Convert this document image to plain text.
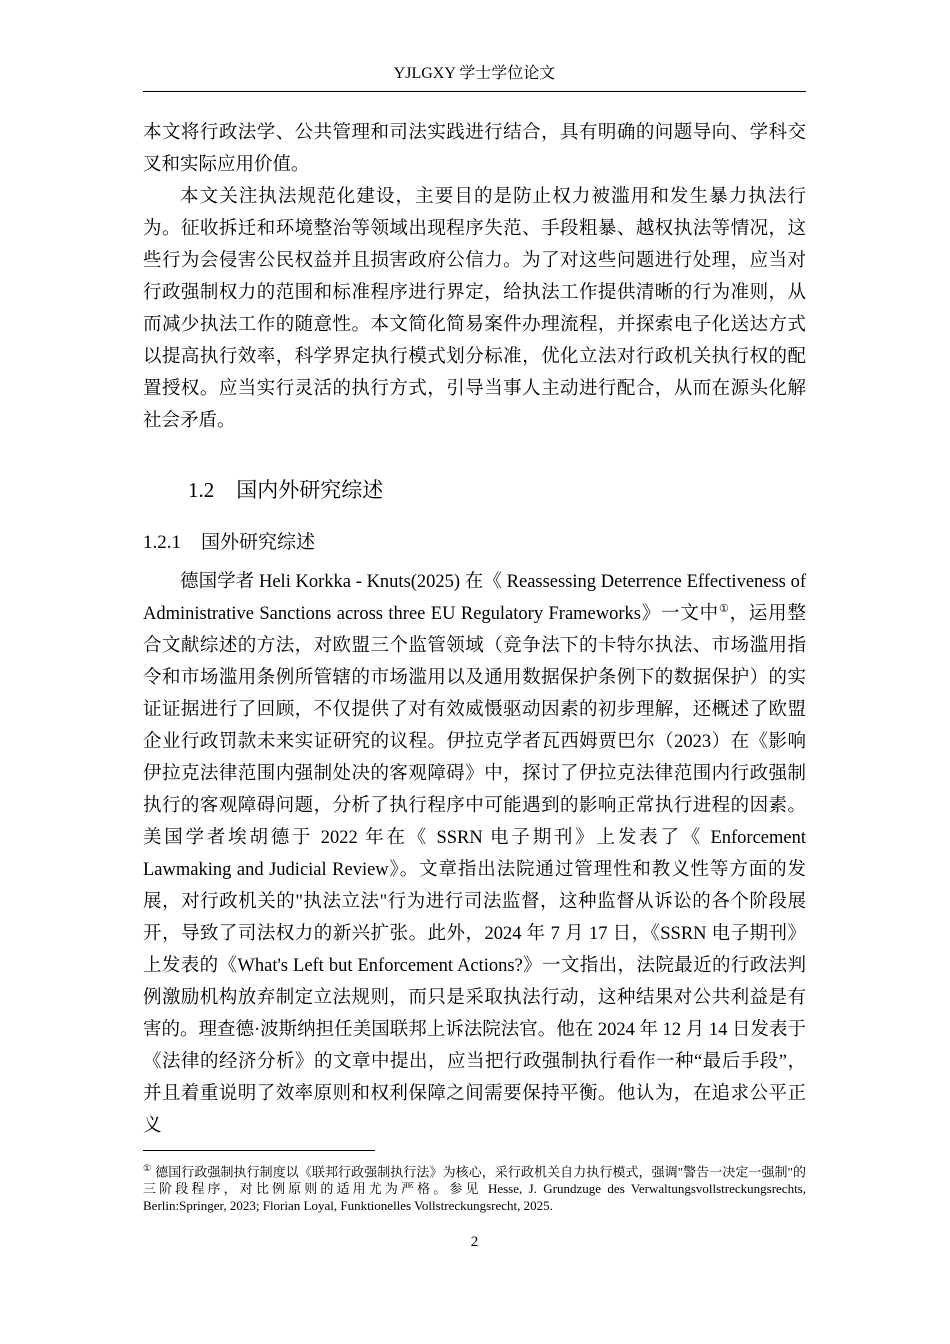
YJLGXY 学士学位论文

本文将行政法学、公共管理和司法实践进行结合，具有明确的问题导向、学科交叉和实际应用价值。

本文关注执法规范化建设，主要目的是防止权力被滥用和发生暴力执法行为。征收拆迁和环境整治等领域出现程序失范、手段粗暴、越权执法等情况，这些行为会侵害公民权益并且损害政府公信力。为了对这些问题进行处理，应当对行政强制权力的范围和标准程序进行界定，给执法工作提供清晰的行为准则，从而减少执法工作的随意性。本文简化简易案件办理流程，并探索电子化送达方式以提高执行效率，科学界定执行模式划分标准，优化立法对行政机关执行权的配置授权。应当实行灵活的执行方式，引导当事人主动进行配合，从而在源头化解社会矛盾。

1.2 国内外研究综述
1.2.1 国外研究综述

德国学者 Heli Korkka - Knuts(2025) 在《 Reassessing Deterrence Effectiveness of Administrative Sanctions across three EU Regulatory Frameworks》一文中①，运用整合文献综述的方法，对欧盟三个监管领域（竞争法下的卡特尔执法、市场滥用指令和市场滥用条例所管辖的市场滥用以及通用数据保护条例下的数据保护）的实证证据进行了回顾，不仅提供了对有效威慑驱动因素的初步理解，还概述了欧盟企业行政罚款未来实证研究的议程。伊拉克学者瓦西姆贾巴尔（2023）在《影响伊拉克法律范围内强制处决的客观障碍》中，探讨了伊拉克法律范围内行政强制执行的客观障碍问题，分析了执行程序中可能遇到的影响正常执行进程的因素。美国学者埃胡德于 2022 年在《 SSRN 电子期刊》上发表了《 Enforcement Lawmaking and Judicial Review》。文章指出法院通过管理性和教义性等方面的发展，对行政机关的"执法立法"行为进行司法监督，这种监督从诉讼的各个阶段展开，导致了司法权力的新兴扩张。此外，2024 年 7 月 17 日，《SSRN 电子期刊》上发表的《What's Left but Enforcement Actions?》一文指出，法院最近的行政法判例激励机构放弃制定立法规则，而只是采取执法行动，这种结果对公共利益是有害的。理查德·波斯纳担任美国联邦上诉法院法官。他在 2024 年 12 月 14 日发表于《法律的经济分析》的文章中提出，应当把行政强制执行看作一种“最后手段”，并且着重说明了效率原则和权利保障之间需要保持平衡。他认为，在追求公平正义

① 德国行政强制执行制度以《联邦行政强制执行法》为核心，采行政机关自力执行模式，强调"警告一决定一强制"的三阶段程序，对比例原则的适用尤为严格。参见 Hesse, J. Grundzuge des Verwaltungsvollstreckungsrechts, Berlin:Springer, 2023; Florian Loyal, Funktionelles Vollstreckungsrecht, 2025.
2
